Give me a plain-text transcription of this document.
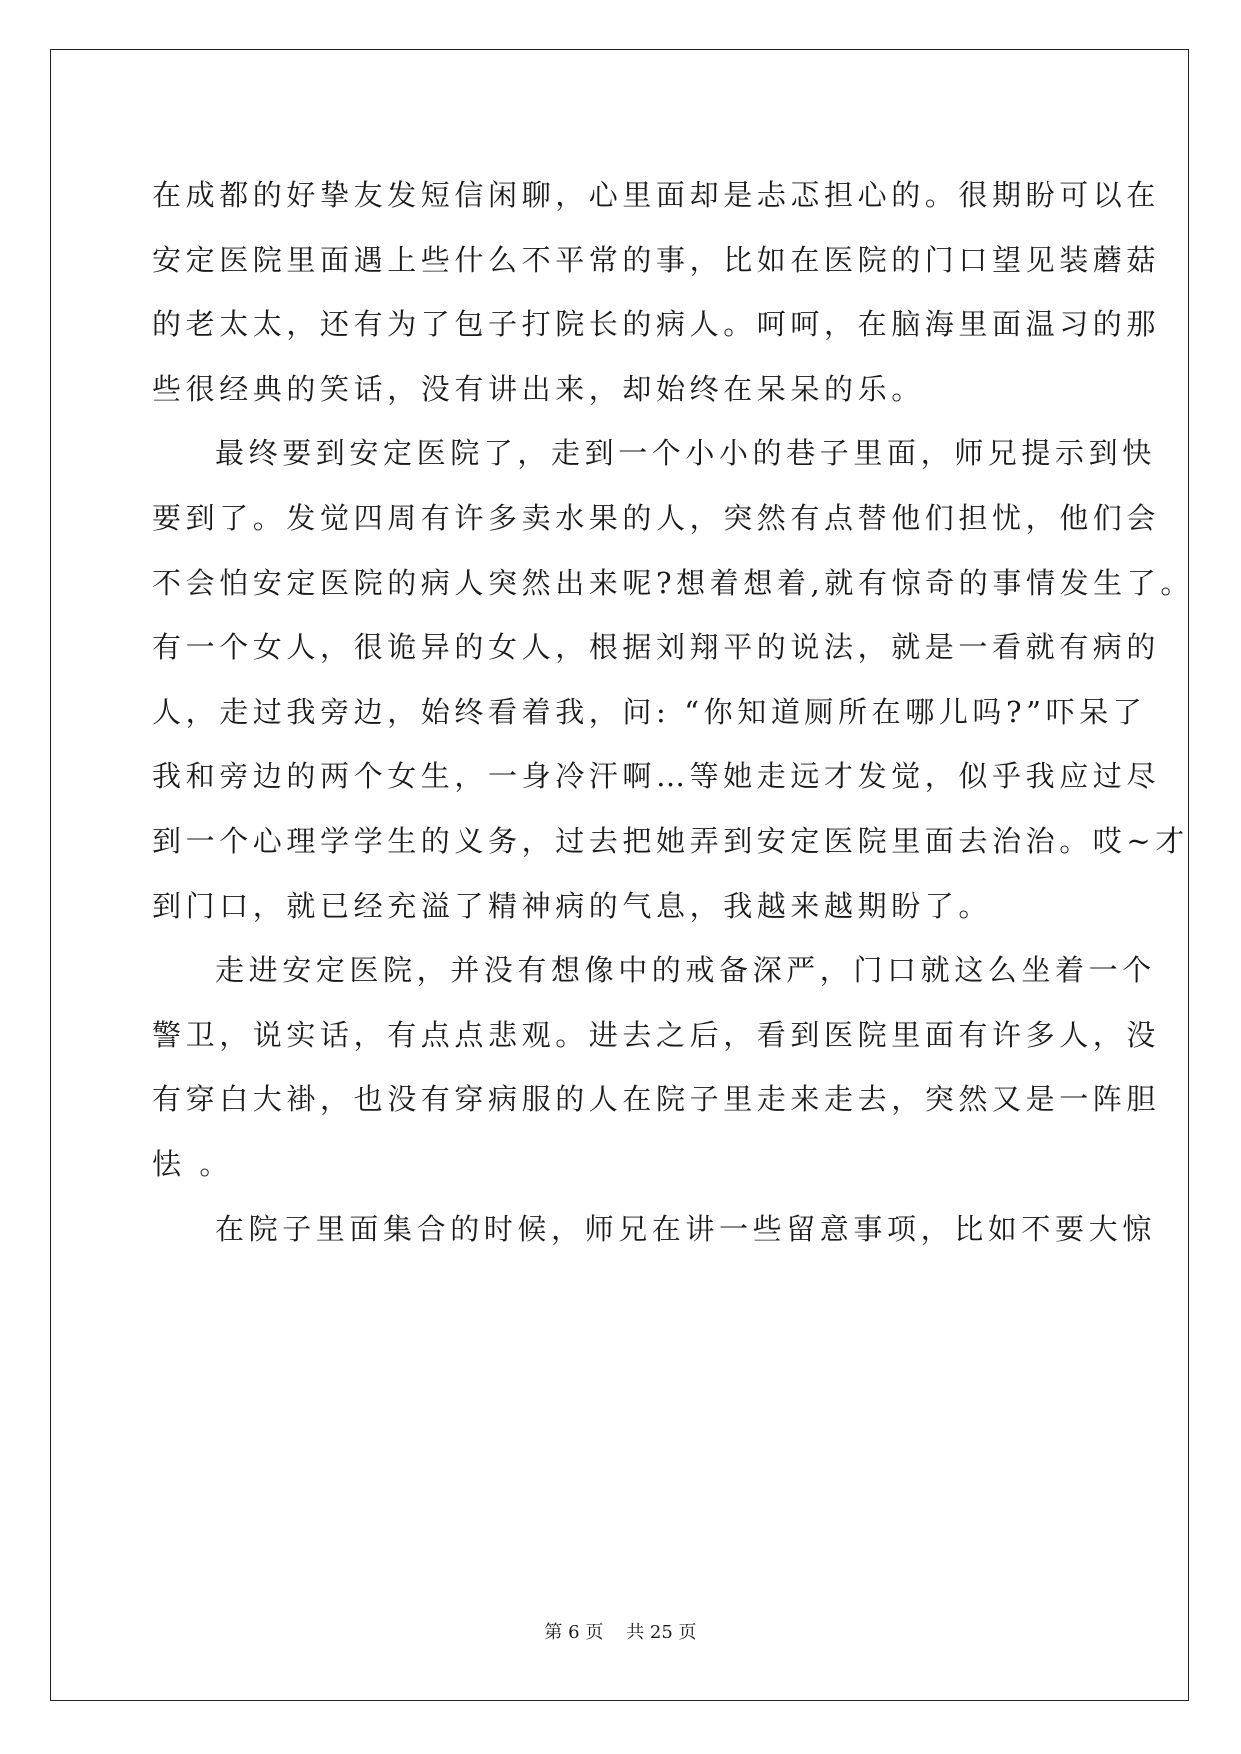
在成都的好挚友发短信闲聊，心里面却是忐忑担心的。很期盼可以在
安定医院里面遇上些什么不平常的事，比如在医院的门口望见装蘑菇
的老太太，还有为了包子打院长的病人。呵呵，在脑海里面温习的那
些很经典的笑话，没有讲出来，却始终在呆呆的乐。
最终要到安定医院了，走到一个小小的巷子里面，师兄提示到快
要到了。发觉四周有许多卖水果的人，突然有点替他们担忧，他们会
不会怕安定医院的病人突然出来呢?想着想着,就有惊奇的事情发生了。
有一个女人，很诡异的女人，根据刘翔平的说法，就是一看就有病的
人，走过我旁边，始终看着我，问: “你知道厕所在哪儿吗?”吓呆了
我和旁边的两个女生，一身冷汗啊…等她走远才发觉，似乎我应过尽
到一个心理学学生的义务，过去把她弄到安定医院里面去治治。哎~才
到门口，就已经充溢了精神病的气息，我越来越期盼了。
走进安定医院，并没有想像中的戒备深严，门口就这么坐着一个
警卫，说实话，有点点悲观。进去之后，看到医院里面有许多人，没
有穿白大褂，也没有穿病服的人在院子里走来走去，突然又是一阵胆
怯 。
在院子里面集合的时候，师兄在讲一些留意事项，比如不要大惊
第 6 页    共 25 页
